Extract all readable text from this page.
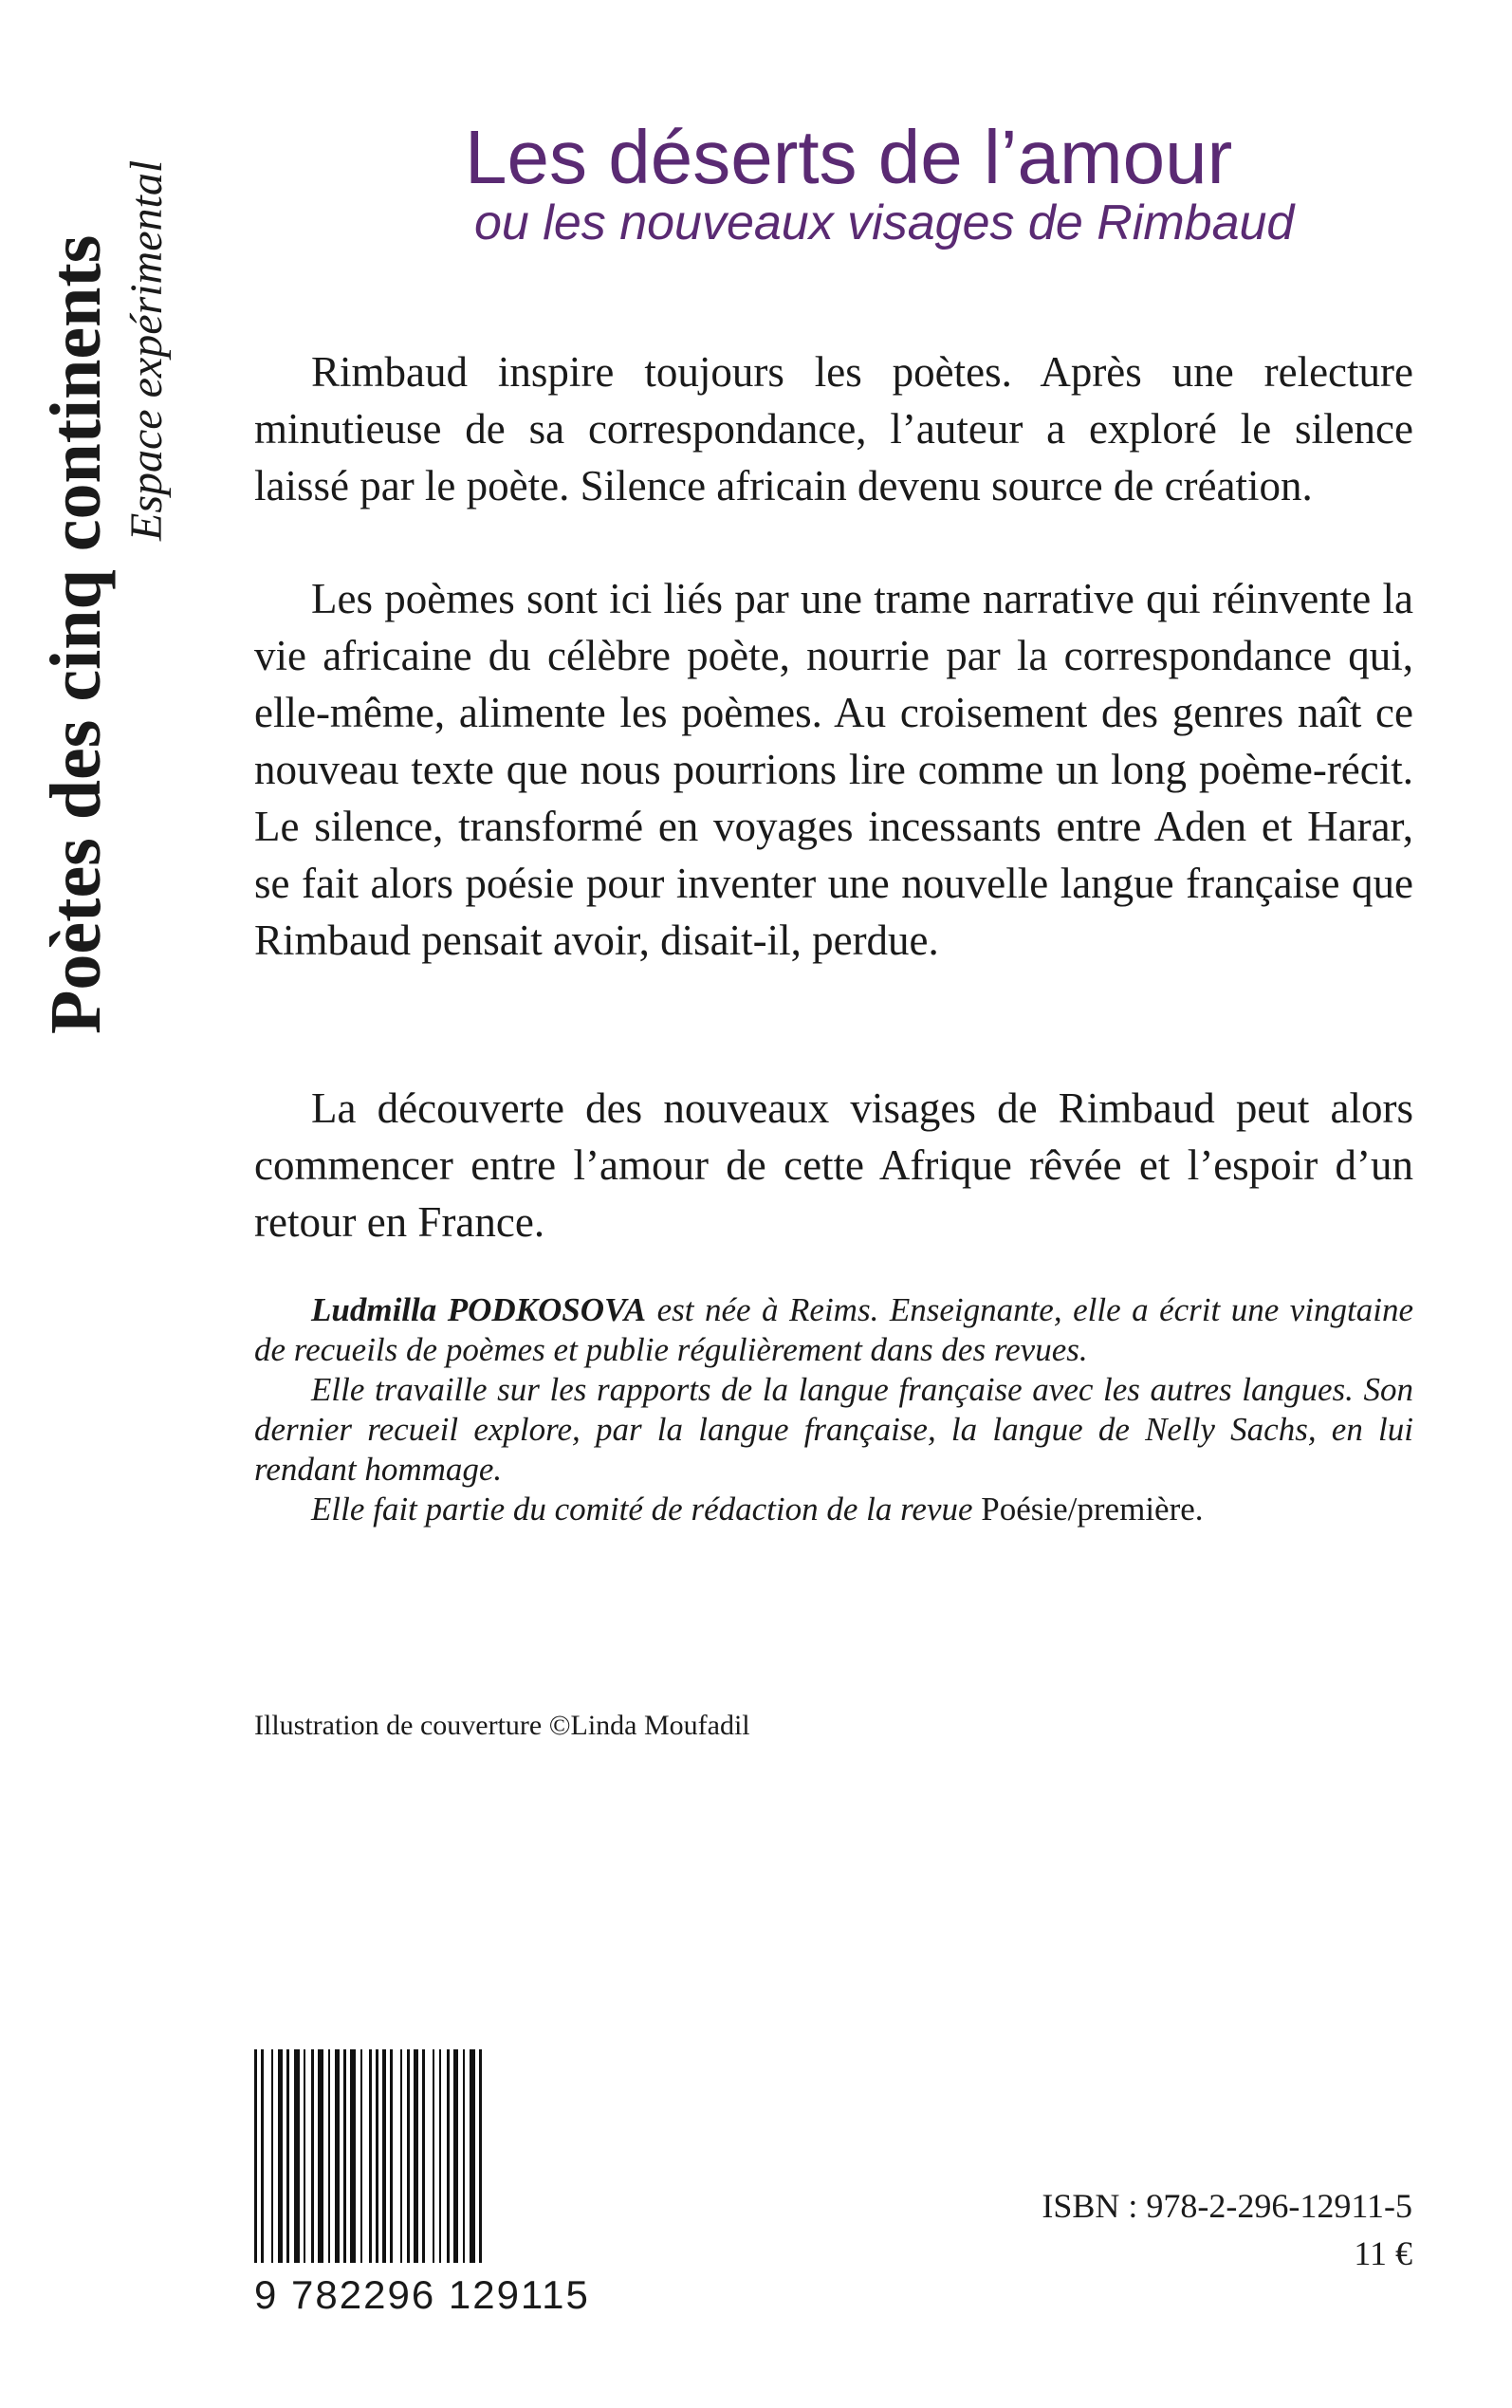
Poètes des cinq continents Espace expérimental
Les déserts de l’amour
ou les nouveaux visages de Rimbaud

Rimbaud inspire toujours les poètes. Après une relecture minutieuse de sa correspondance, l’auteur a exploré le silence laissé par le poète. Silence africain devenu source de création.

Les poèmes sont ici liés par une trame narrative qui réinvente la vie africaine du célèbre poète, nourrie par la correspondance qui, elle-même, alimente les poèmes. Au croisement des genres naît ce nouveau texte que nous pourrions lire comme un long poème-récit. Le silence, transformé en voyages incessants entre Aden et Harar, se fait alors poésie pour inventer une nouvelle langue française que Rimbaud pensait avoir, disait-il, perdue.

La découverte des nouveaux visages de Rimbaud peut alors commencer entre l’amour de cette Afrique rêvée et l’espoir d’un retour en France.

Ludmilla PODKOSOVA est née à Reims. Enseignante, elle a écrit une vingtaine de recueils de poèmes et publie régulièrement dans des revues.

Elle travaille sur les rapports de la langue française avec les autres langues. Son dernier recueil explore, par la langue française, la langue de Nelly Sachs, en lui rendant hommage.

Elle fait partie du comité de rédaction de la revue Poésie/première.

Illustration de couverture ©Linda Moufadil
9 782296 129115
ISBN : 978-2-296-12911-5
11 €
